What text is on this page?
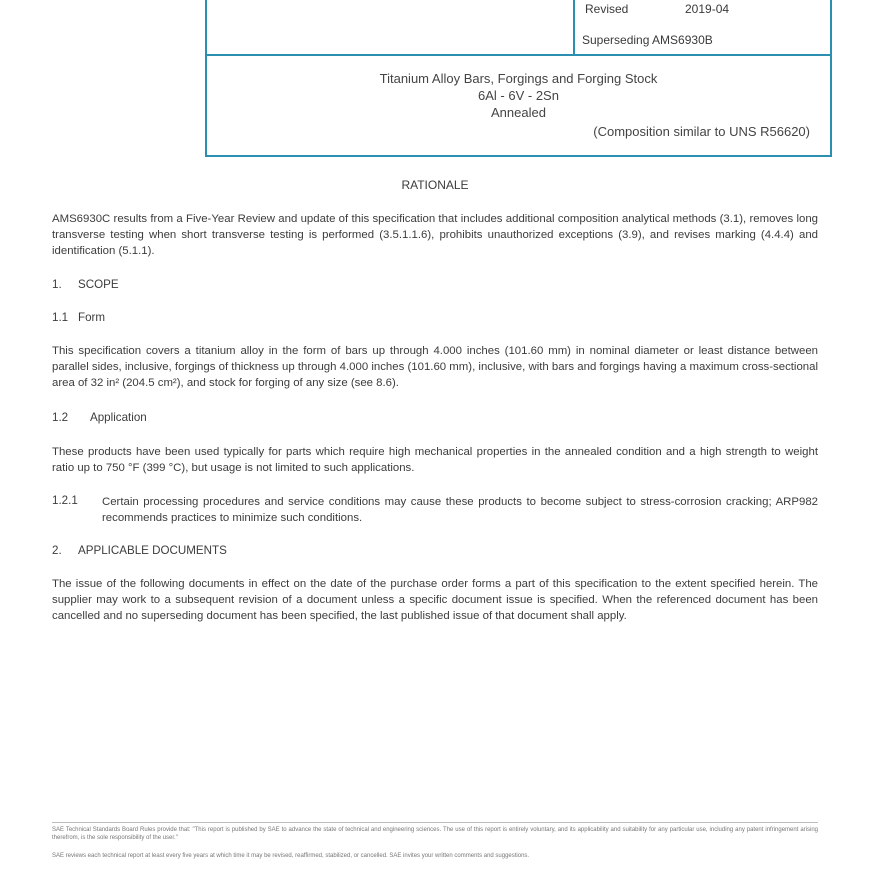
Revised	2019-04
Superseding AMS6930B
Titanium Alloy Bars, Forgings and Forging Stock
6Al - 6V - 2Sn
Annealed
(Composition similar to UNS R56620)
RATIONALE
AMS6930C results from a Five-Year Review and update of this specification that includes additional composition analytical methods (3.1), removes long transverse testing when short transverse testing is performed (3.5.1.1.6), prohibits unauthorized exceptions (3.9), and revises marking (4.4.4) and identification (5.1.1).
1. SCOPE
1.1 Form
This specification covers a titanium alloy in the form of bars up through 4.000 inches (101.60 mm) in nominal diameter or least distance between parallel sides, inclusive, forgings of thickness up through 4.000 inches (101.60 mm), inclusive, with bars and forgings having a maximum cross-sectional area of 32 in² (204.5 cm²), and stock for forging of any size (see 8.6).
1.2 Application
These products have been used typically for parts which require high mechanical properties in the annealed condition and a high strength to weight ratio up to 750 °F (399 °C), but usage is not limited to such applications.
1.2.1 Certain processing procedures and service conditions may cause these products to become subject to stress-corrosion cracking; ARP982 recommends practices to minimize such conditions.
2. APPLICABLE DOCUMENTS
The issue of the following documents in effect on the date of the purchase order forms a part of this specification to the extent specified herein. The supplier may work to a subsequent revision of a document unless a specific document issue is specified. When the referenced document has been cancelled and no superseding document has been specified, the last published issue of that document shall apply.
SAE Technical Standards Board Rules provide that: "This report is published by SAE to advance the state of technical and engineering sciences. The use of this report is entirely voluntary, and its applicability and suitability for any particular use, including any patent infringement arising therefrom, is the sole responsibility of the user."
SAE reviews each technical report at least every five years at which time it may be revised, reaffirmed, stabilized, or cancelled. SAE invites your written comments and suggestions.
